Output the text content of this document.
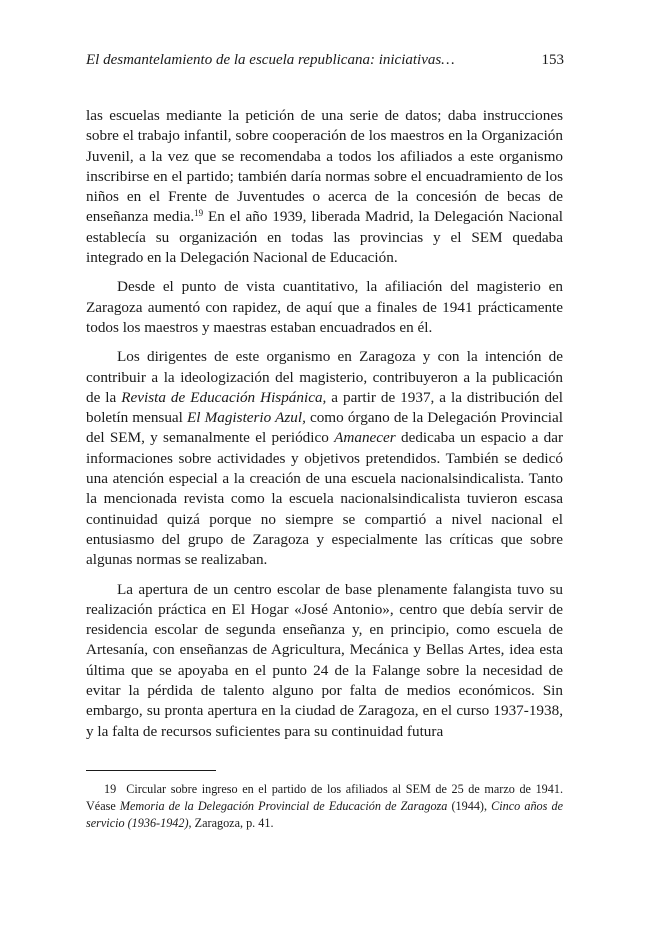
El desmantelamiento de la escuela republicana: iniciativas…	153

las escuelas mediante la petición de una serie de datos; daba instrucciones sobre el trabajo infantil, sobre cooperación de los maestros en la Organización Juvenil, a la vez que se recomendaba a todos los afiliados a este organismo inscribirse en el partido; también daría normas sobre el encuadramiento de los niños en el Frente de Juventudes o acerca de la concesión de becas de enseñanza media.$^{19}$ En el año 1939, liberada Madrid, la Delegación Nacional establecía su organización en todas las provincias y el SEM quedaba integrado en la Delegación Nacional de Educación.

Desde el punto de vista cuantitativo, la afiliación del magisterio en Zaragoza aumentó con rapidez, de aquí que a finales de 1941 prácticamente todos los maestros y maestras estaban encuadrados en él.

Los dirigentes de este organismo en Zaragoza y con la intención de contribuir a la ideologización del magisterio, contribuyeron a la publicación de la Revista de Educación Hispánica, a partir de 1937, a la distribución del boletín mensual El Magisterio Azul, como órgano de la Delegación Provincial del SEM, y semanalmente el periódico Amanecer dedicaba un espacio a dar informaciones sobre actividades y objetivos pretendidos. También se dedicó una atención especial a la creación de una escuela nacionalsindicalista. Tanto la mencionada revista como la escuela nacionalsindicalista tuvieron escasa continuidad quizá porque no siempre se compartió a nivel nacional el entusiasmo del grupo de Zaragoza y especialmente las críticas que sobre algunas normas se realizaban.

La apertura de un centro escolar de base plenamente falangista tuvo su realización práctica en El Hogar «José Antonio», centro que debía servir de residencia escolar de segunda enseñanza y, en principio, como escuela de Artesanía, con enseñanzas de Agricultura, Mecánica y Bellas Artes, idea esta última que se apoyaba en el punto 24 de la Falange sobre la necesidad de evitar la pérdida de talento alguno por falta de medios económicos. Sin embargo, su pronta apertura en la ciudad de Zaragoza, en el curso 1937-1938, y la falta de recursos suficientes para su continuidad futura

19 Circular sobre ingreso en el partido de los afiliados al SEM de 25 de marzo de 1941. Véase Memoria de la Delegación Provincial de Educación de Zaragoza (1944), Cinco años de servicio (1936-1942), Zaragoza, p. 41.
